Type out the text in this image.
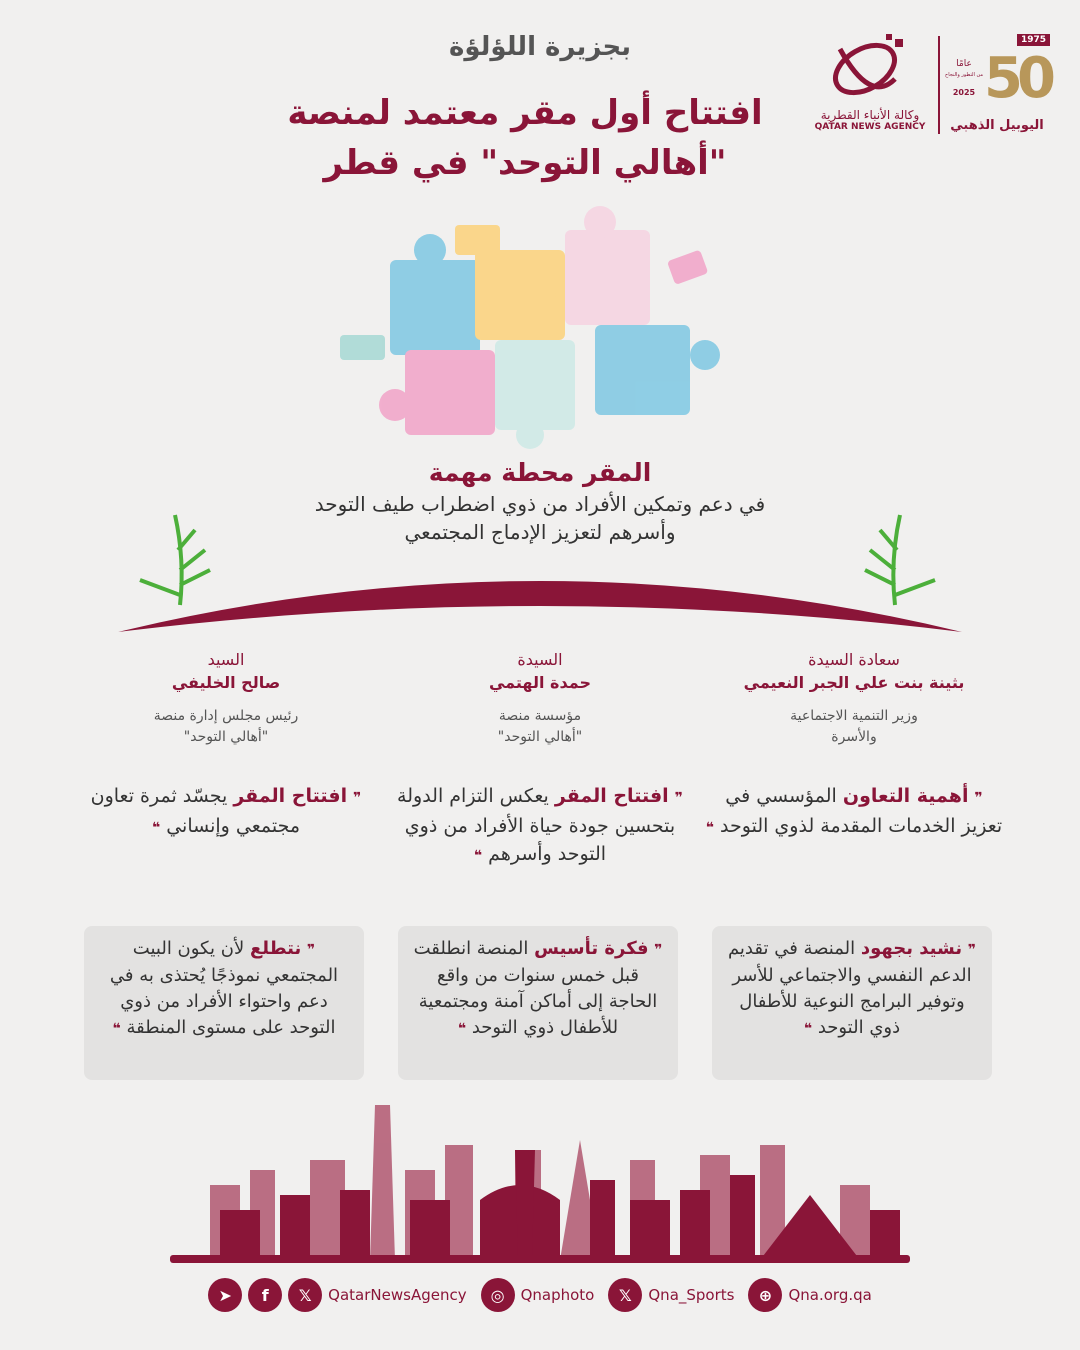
بجزيرة اللؤلؤة
افتتاح أول مقر معتمد لمنصة
"أهالي التوحد" في قطر
وكالة الأنباء القطرية
QATAR NEWS AGENCY
1975
50
عامًا
من التطور والنجاح
2025
اليوبيل الذهبي
المقر محطة مهمة
في دعم وتمكين الأفراد من ذوي اضطراب طيف التوحد
وأسرهم لتعزيز الإدماج المجتمعي
سعادة السيدة
بثينة بنت علي الجبر النعيمي
وزير التنمية الاجتماعية
والأسرة
السيدة
حمدة الهتمي
مؤسسة منصة
"أهالي التوحد"
السيد
صالح الخليفي
رئيس مجلس إدارة منصة
"أهالي التوحد"
❞ أهمية التعاون المؤسسي في تعزيز الخدمات المقدمة لذوي التوحد ❝
❞ افتتاح المقر يعكس التزام الدولة بتحسين جودة حياة الأفراد من ذوي التوحد وأسرهم ❝
❞ افتتاح المقر يجسّد ثمرة تعاون مجتمعي وإنساني ❝
❞ نشيد بجهود المنصة في تقديم الدعم النفسي والاجتماعي للأسر وتوفير البرامج النوعية للأطفال ذوي التوحد ❝
❞ فكرة تأسيس المنصة انطلقت قبل خمس سنوات من واقع الحاجة إلى أماكن آمنة ومجتمعية للأطفال ذوي التوحد ❝
❞ نتطلع لأن يكون البيت المجتمعي نموذجًا يُحتذى به في دعم واحتواء الأفراد من ذوي التوحد على مستوى المنطقة ❝
➤	f	𝕏	QatarNewsAgency	◎	Qnaphoto	𝕏	Qna_Sports	⊕	Qna.org.qa
